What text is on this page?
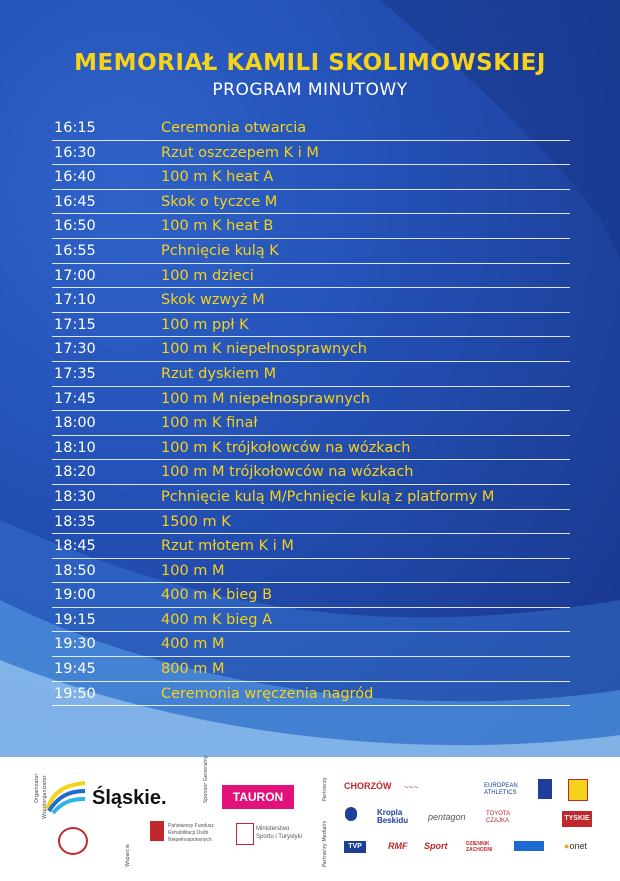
MEMORIAŁ KAMILI SKOLIMOWSKIEJ
PROGRAM MINUTOWY
16:15	Ceremonia otwarcia
16:30	Rzut oszczepem K i M
16:40	100 m K heat A
16:45	Skok o tyczce M
16:50	100 m K heat B
16:55	Pchnięcie kulą K
17:00	100 m dzieci
17:10	Skok wzwyż M
17:15	100 m ppł K
17:30	100 m K niepełnosprawnych
17:35	Rzut dyskiem M
17:45	100 m M niepełnosprawnych
18:00	100 m K finał
18:10	100 m K trójkołowców na wózkach
18:20	100 m M trójkołowców na wózkach
18:30	Pchnięcie kulą M/Pchnięcie kulą z platformy M
18:35	1500 m K
18:45	Rzut młotem K i M
18:50	100 m M
19:00	400 m K bieg B
19:15	400 m K bieg A
19:30	400 m M
19:45	800 m M
19:50	Ceremonia wręczenia nagród
Organizator Współorganizator	Sponsor Generalny	Partnerzy
Wsparcie	Partnerzy Medialni
Śląskie.	TAURON
CHORZÓW ~~~	EUROPEAN ATHLETICS
Kropla Beskidu pentagon	TOYOTA CZAJKA	TYSKIE
Państwowy Fundusz Rehabilitacji Osób Niepełnosprawnych
Ministerstwo Sportu i Turystyki
TVP	RMF Sport	DZIENNIK ZACHODNI	●onet
